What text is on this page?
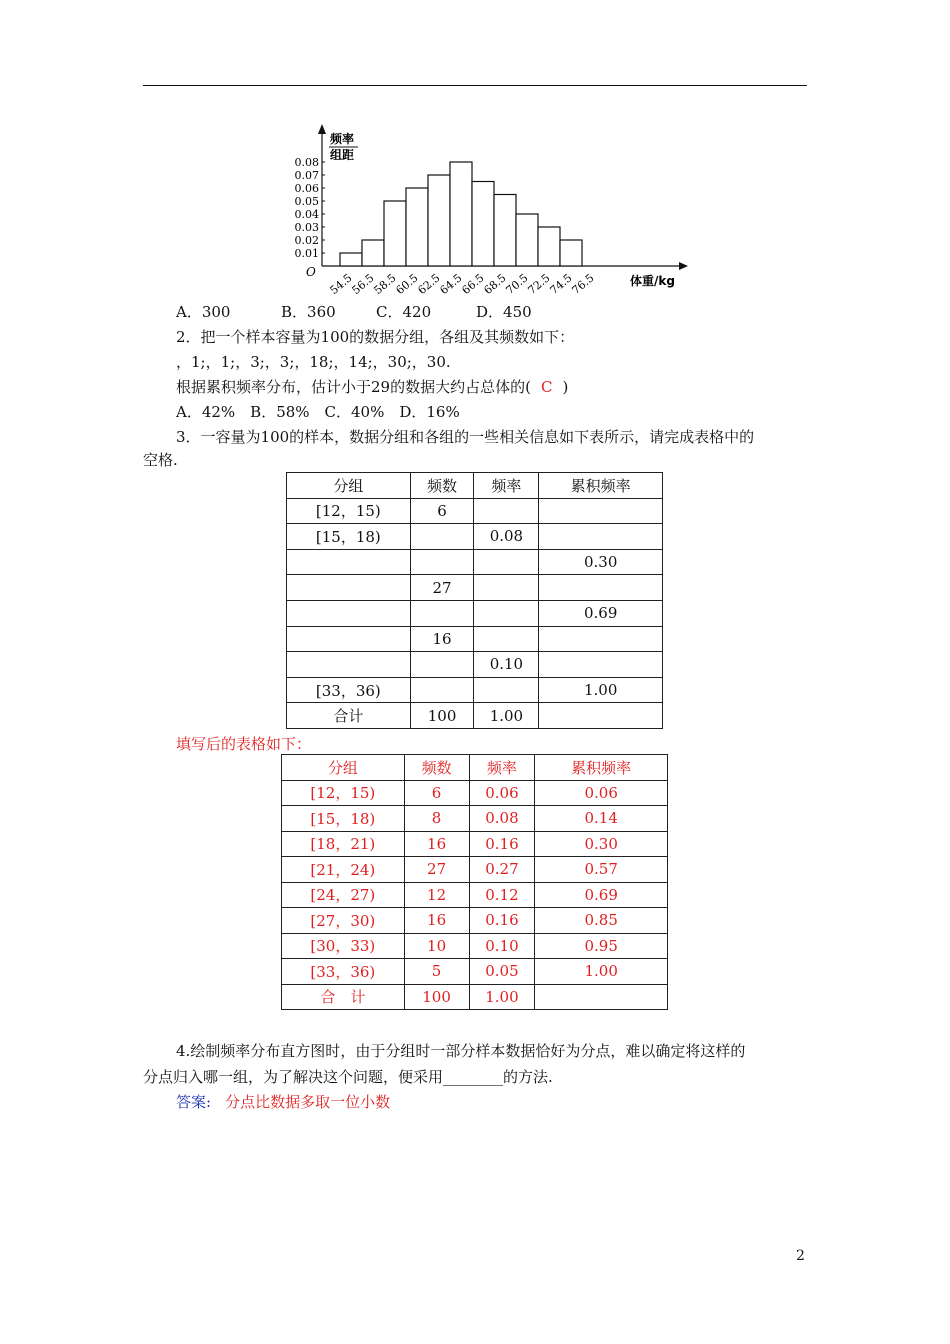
频率
组距
0.01
0.02
0.03
0.04
0.05
0.06
0.07
0.08
O 54.5
56.5
58.5
60.5
62.5
64.5
66.5
68.5
70.5
72.5
74.5
76.5	体重/kg
A．300	B．360	C．420	D．450
2．把一个样本容量为100的数据分组，各组及其频数如下：
，1;，1;，3;，3;，18;，14;，30;，30.
根据累积频率分布，估计小于29的数据大约占总体的( C )
A．42%　B．58%　C．40%　D．16%
3．一容量为100的样本，数据分组和各组的一些相关信息如下表所示，请完成表格中的
空格.
分组	频数	频率	累积频率
[12，15)	6		
[15，18)		0.08	
			0.30
	27		
			0.69
	16		
		0.10	
[33，36)			1.00
合计	100	1.00	
填写后的表格如下：
分组	频数	频率	累积频率
[12，15)	6	0.06	0.06
[15，18)	8	0.08	0.14
[18，21)	16	0.16	0.30
[21，24)	27	0.27	0.57
[24，27)	12	0.12	0.69
[27，30)	16	0.16	0.85
[30，33)	10	0.10	0.95
[33，36)	5	0.05	1.00
合　计	100	1.00	
4.绘制频率分布直方图时，由于分组时一部分样本数据恰好为分点，难以确定将这样的
分点归入哪一组，为了解决这个问题，便采用________的方法.
答案: 分点比数据多取一位小数
2
